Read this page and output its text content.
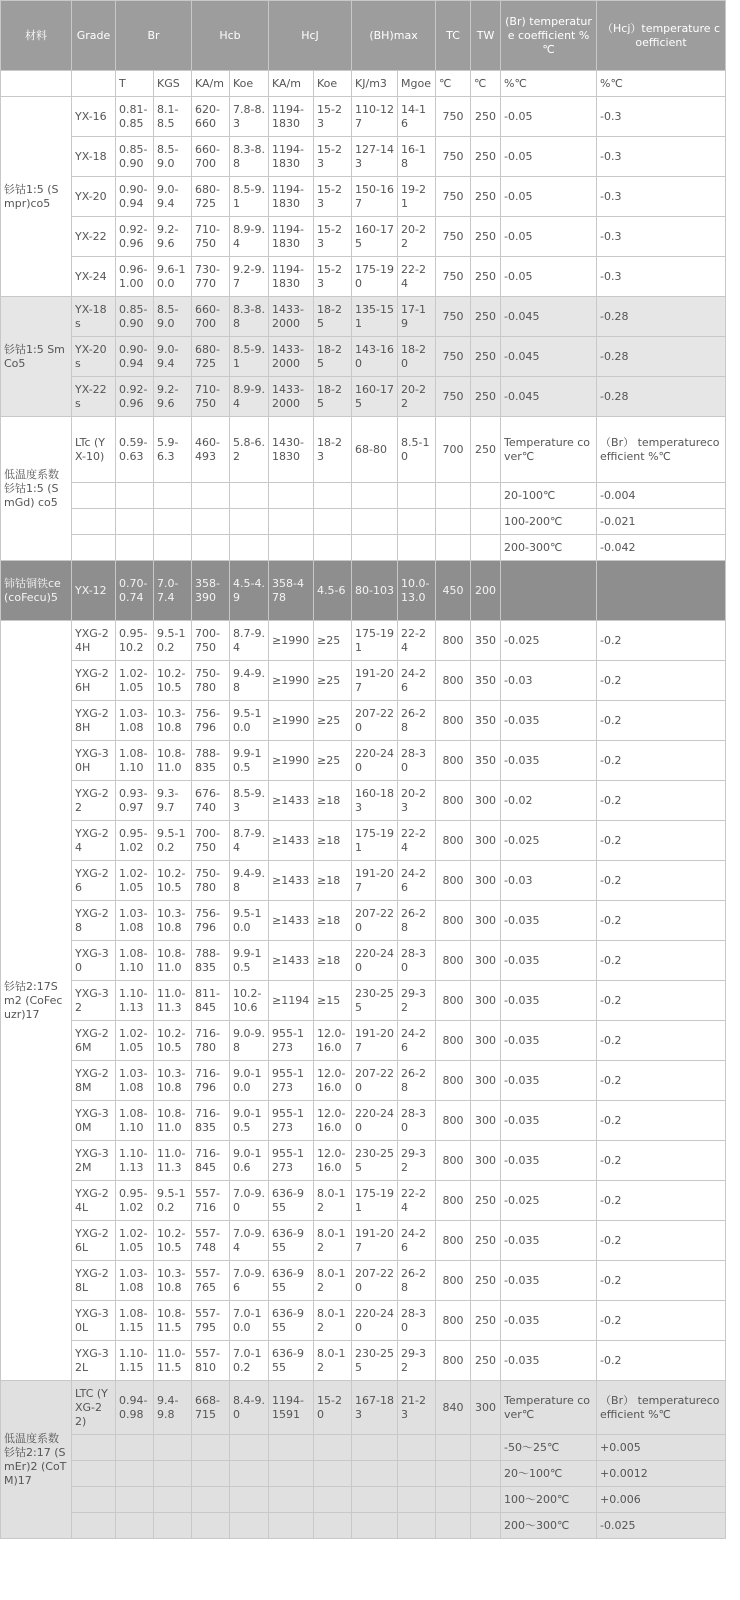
材料	Grade	Br		Hcb		HcJ		(BH)max		TC	TW	(Br) temperature coefficient %℃	（Hcj）temperature coefficient
		T	KGS	KA/m	Koe	KA/m	Koe	KJ/m3	Mgoe	℃	℃	%℃	%℃
钐钴1:5 (Smpr)co5	YX-16	0.81-0.85	8.1-8.5	620-660	7.8-8.3	1194-1830	15-23	110-127	14-16	750	250	-0.05	-0.3
	YX-18	0.85-0.90	8.5-9.0	660-700	8.3-8.8	1194-1830	15-23	127-143	16-18	750	250	-0.05	-0.3
	YX-20	0.90-0.94	9.0-9.4	680-725	8.5-9.1	1194-1830	15-23	150-167	19-21	750	250	-0.05	-0.3
	YX-22	0.92-0.96	9.2-9.6	710-750	8.9-9.4	1194-1830	15-23	160-175	20-22	750	250	-0.05	-0.3
	YX-24	0.96-1.00	9.6-10.0	730-770	9.2-9.7	1194-1830	15-23	175-190	22-24	750	250	-0.05	-0.3
钐钴1:5 SmCo5	YX-18s	0.85-0.90	8.5-9.0	660-700	8.3-8.8	1433-2000	18-25	135-151	17-19	750	250	-0.045	-0.28
	YX-20s	0.90-0.94	9.0-9.4	680-725	8.5-9.1	1433-2000	18-25	143-160	18-20	750	250	-0.045	-0.28
	YX-22s	0.92-0.96	9.2-9.6	710-750	8.9-9.4	1433-2000	18-25	160-175	20-22	750	250	-0.045	-0.28
低温度系数钐钴1:5 (SmGd) co5	LTc (YX-10)	0.59-0.63	5.9-6.3	460-493	5.8-6.2	1430-1830	18-23	68-80	8.5-10	700	250	Temperature cover℃	（Br） temperaturecoefficient %℃
												20-100℃	-0.004
												100-200℃	-0.021
												200-300℃	-0.042
铈钴铜铁ce (coFecu)5	YX-12	0.70-0.74	7.0-7.4	358-390	4.5-4.9	358-478	4.5-6	80-103	10.0-13.0	450	200		
钐钴2:17Sm2 (CoFecuzr)17	YXG-24H	0.95-10.2	9.5-10.2	700-750	8.7-9.4	≥1990	≥25	175-191	22-24	800	350	-0.025	-0.2
	YXG-26H	1.02-1.05	10.2-10.5	750-780	9.4-9.8	≥1990	≥25	191-207	24-26	800	350	-0.03	-0.2
	YXG-28H	1.03-1.08	10.3-10.8	756-796	9.5-10.0	≥1990	≥25	207-220	26-28	800	350	-0.035	-0.2
	YXG-30H	1.08-1.10	10.8-11.0	788-835	9.9-10.5	≥1990	≥25	220-240	28-30	800	350	-0.035	-0.2
	YXG-22	0.93-0.97	9.3-9.7	676-740	8.5-9.3	≥1433	≥18	160-183	20-23	800	300	-0.02	-0.2
	YXG-24	0.95-1.02	9.5-10.2	700-750	8.7-9.4	≥1433	≥18	175-191	22-24	800	300	-0.025	-0.2
	YXG-26	1.02-1.05	10.2-10.5	750-780	9.4-9.8	≥1433	≥18	191-207	24-26	800	300	-0.03	-0.2
	YXG-28	1.03-1.08	10.3-10.8	756-796	9.5-10.0	≥1433	≥18	207-220	26-28	800	300	-0.035	-0.2
	YXG-30	1.08-1.10	10.8-11.0	788-835	9.9-10.5	≥1433	≥18	220-240	28-30	800	300	-0.035	-0.2
	YXG-32	1.10-1.13	11.0-11.3	811-845	10.2-10.6	≥1194	≥15	230-255	29-32	800	300	-0.035	-0.2
	YXG-26M	1.02-1.05	10.2-10.5	716-780	9.0-9.8	955-1273	12.0-16.0	191-207	24-26	800	300	-0.035	-0.2
	YXG-28M	1.03-1.08	10.3-10.8	716-796	9.0-10.0	955-1273	12.0-16.0	207-220	26-28	800	300	-0.035	-0.2
	YXG-30M	1.08-1.10	10.8-11.0	716-835	9.0-10.5	955-1273	12.0-16.0	220-240	28-30	800	300	-0.035	-0.2
	YXG-32M	1.10-1.13	11.0-11.3	716-845	9.0-10.6	955-1273	12.0-16.0	230-255	29-32	800	300	-0.035	-0.2
	YXG-24L	0.95-1.02	9.5-10.2	557-716	7.0-9.0	636-955	8.0-12	175-191	22-24	800	250	-0.025	-0.2
	YXG-26L	1.02-1.05	10.2-10.5	557-748	7.0-9.4	636-955	8.0-12	191-207	24-26	800	250	-0.035	-0.2
	YXG-28L	1.03-1.08	10.3-10.8	557-765	7.0-9.6	636-955	8.0-12	207-220	26-28	800	250	-0.035	-0.2
	YXG-30L	1.08-1.15	10.8-11.5	557-795	7.0-10.0	636-955	8.0-12	220-240	28-30	800	250	-0.035	-0.2
	YXG-32L	1.10-1.15	11.0-11.5	557-810	7.0-10.2	636-955	8.0-12	230-255	29-32	800	250	-0.035	-0.2
低温度系数钐钴2:17 (SmEr)2 (CoTM)17	LTC (YXG-22)	0.94-0.98	9.4-9.8	668-715	8.4-9.0	1194-1591	15-20	167-183	21-23	840	300	Temperature cover℃	（Br） temperaturecoefficient %℃
												-50～25℃	+0.005
												20～100℃	+0.0012
												100～200℃	+0.006
												200～300℃	-0.025
